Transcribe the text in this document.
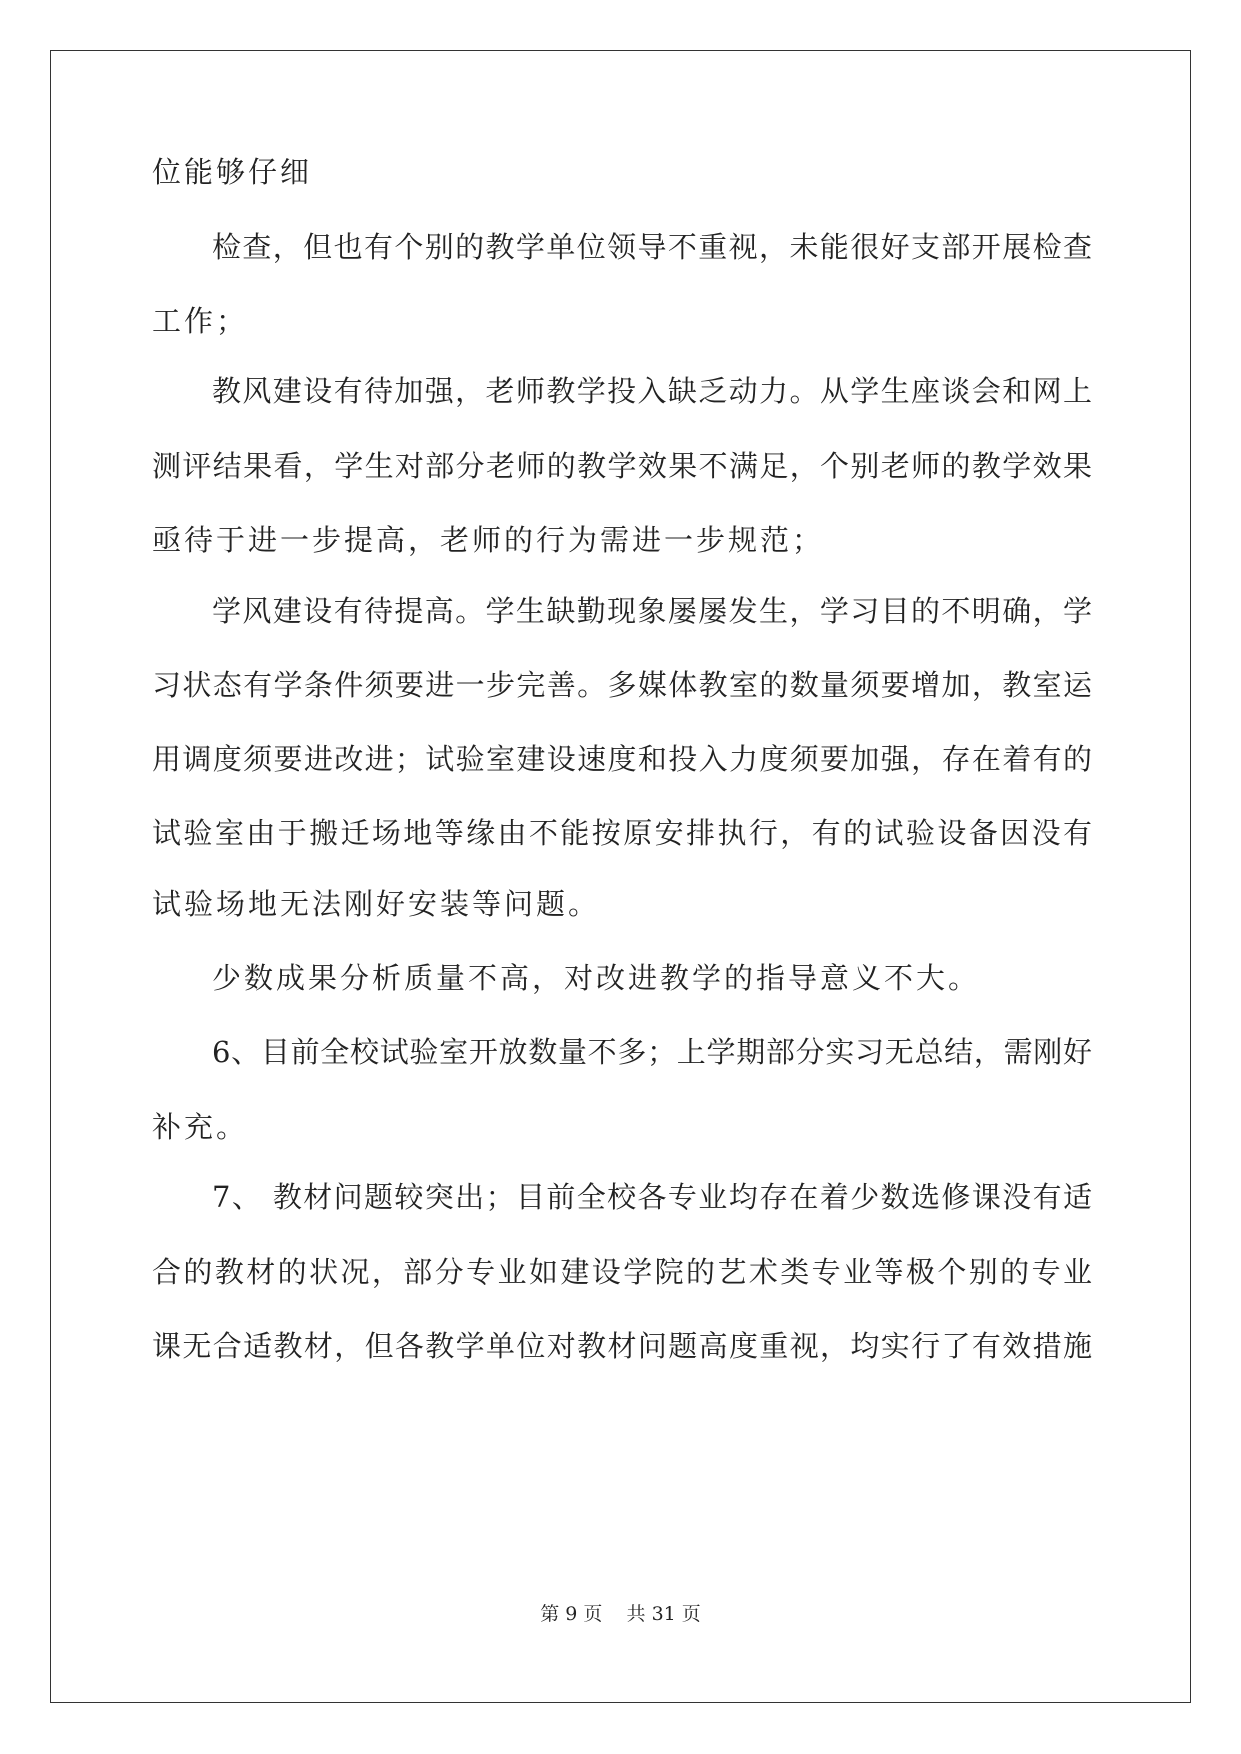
位能够仔细
检查，但也有个别的教学单位领导不重视，未能很好支部开展检查
工作；
教风建设有待加强，老师教学投入缺乏动力。从学生座谈会和网上
测评结果看，学生对部分老师的教学效果不满足，个别老师的教学效果
亟待于进一步提高，老师的行为需进一步规范；
学风建设有待提高。学生缺勤现象屡屡发生，学习目的不明确，学
习状态有学条件须要进一步完善。多媒体教室的数量须要增加，教室运
用调度须要进改进；试验室建设速度和投入力度须要加强，存在着有的
试验室由于搬迁场地等缘由不能按原安排执行，有的试验设备因没有
试验场地无法刚好安装等问题。
少数成果分析质量不高，对改进教学的指导意义不大。
6、目前全校试验室开放数量不多；上学期部分实习无总结，需刚好
补充。
7、 教材问题较突出；目前全校各专业均存在着少数选修课没有适
合的教材的状况，部分专业如建设学院的艺术类专业等极个别的专业
课无合适教材，但各教学单位对教材问题高度重视，均实行了有效措施
第 9 页    共 31 页
